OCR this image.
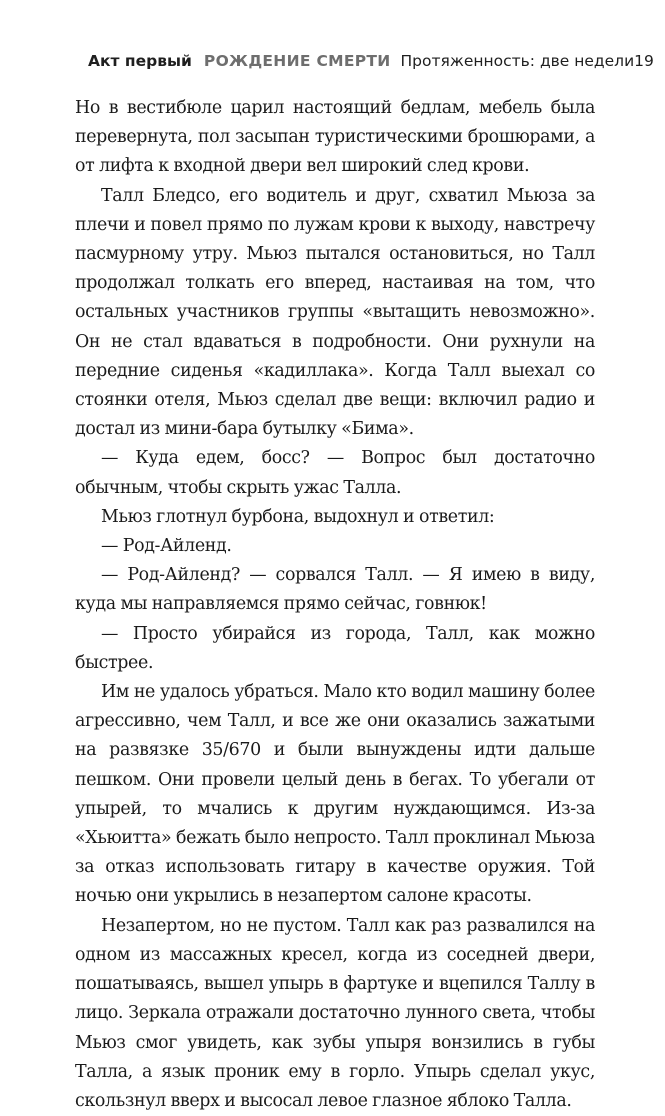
Акт первый РОЖДЕНИЕ СМЕРТИ Протяженность: две недели 19

Но в вестибюле царил настоящий бедлам, мебель была перевернута, пол засыпан туристическими брошюрами, а от лифта к входной двери вел широкий след крови.

Талл Бледсо, его водитель и друг, схватил Мьюза за плечи и повел прямо по лужам крови к выходу, навстречу пасмурному утру. Мьюз пытался остановиться, но Талл продолжал толкать его вперед, настаивая на том, что остальных участников группы «вытащить невозможно». Он не стал вдаваться в подробности. Они рухнули на передние сиденья «кадиллака». Когда Талл выехал со стоянки отеля, Мьюз сделал две вещи: включил радио и достал из мини-бара бутылку «Бима».

— Куда едем, босс? — Вопрос был достаточно обычным, чтобы скрыть ужас Талла.

Мьюз глотнул бурбона, выдохнул и ответил:

— Род-Айленд.

— Род-Айленд? — сорвался Талл. — Я имею в виду, куда мы направляемся прямо сейчас, говнюк!

— Просто убирайся из города, Талл, как можно быстрее.

Им не удалось убраться. Мало кто водил машину более агрессивно, чем Талл, и все же они оказались зажатыми на развязке 35/670 и были вынуждены идти дальше пешком. Они провели целый день в бегах. То убегали от упырей, то мчались к другим нуждающимся. Из-за «Хьюитта» бежать было непросто. Талл проклинал Мьюза за отказ использовать гитару в качестве оружия. Той ночью они укрылись в незапертом салоне красоты.

Незапертом, но не пустом. Талл как раз развалился на одном из массажных кресел, когда из соседней двери, пошатываясь, вышел упырь в фартуке и вцепился Таллу в лицо. Зеркала отражали достаточно лунного света, чтобы Мьюз смог увидеть, как зубы упыря вонзились в губы Талла, а язык проник ему в горло. Упырь сделал укус, скользнул вверх и высосал левое глазное яблоко Талла.
